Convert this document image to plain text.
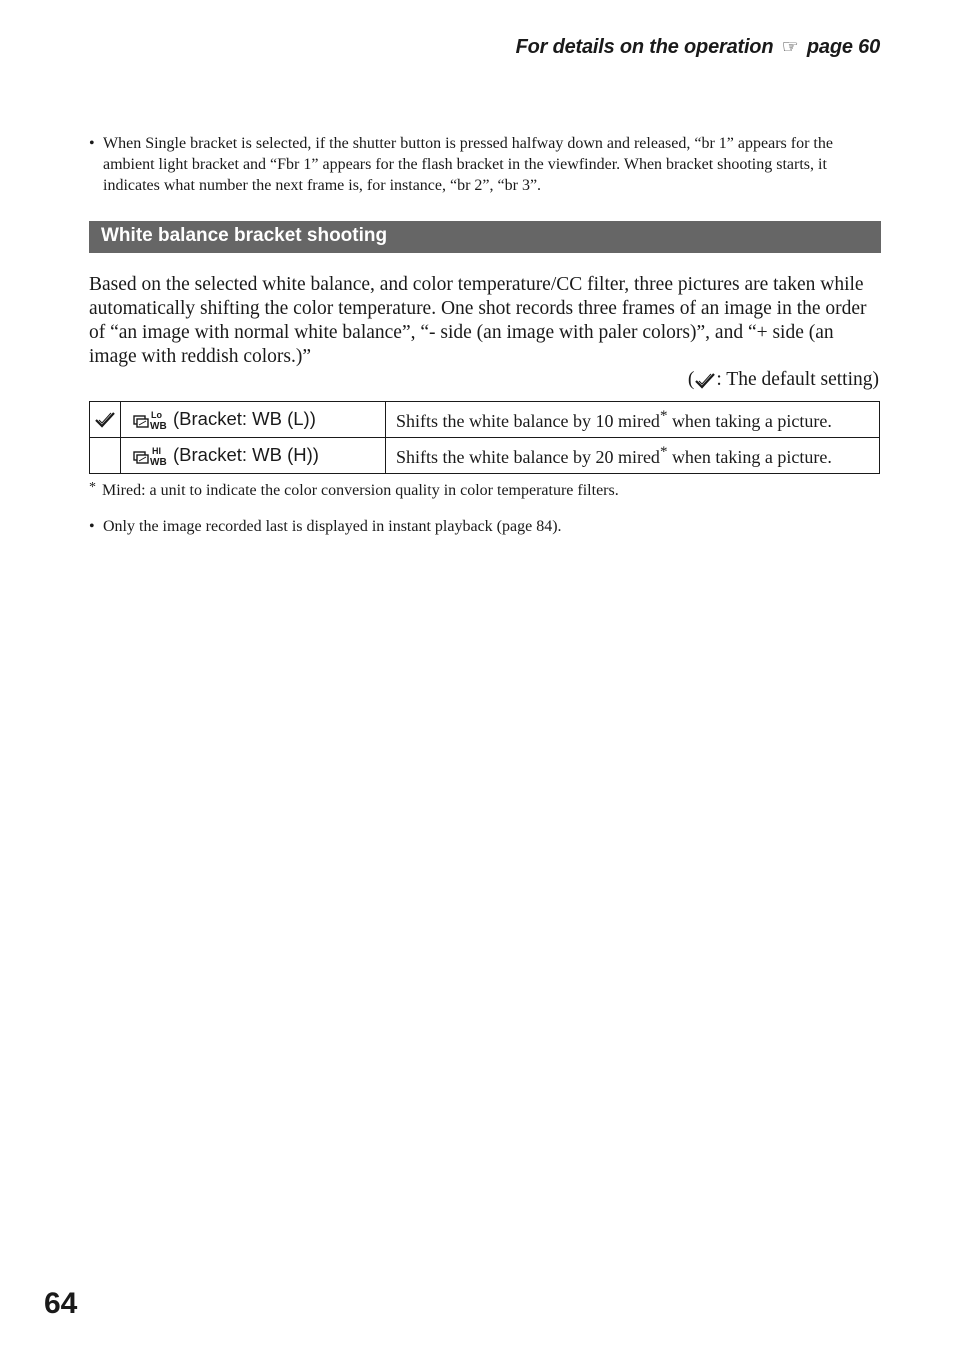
For details on the operation ☞ page 60
• When Single bracket is selected, if the shutter button is pressed halfway down and released, “br 1” appears for the ambient light bracket and “Fbr 1” appears for the flash bracket in the viewfinder. When bracket shooting starts, it indicates what number the next frame is, for instance, “br 2”, “br 3”.
White balance bracket shooting
Based on the selected white balance, and color temperature/CC filter, three pictures are taken while automatically shifting the color temperature. One shot records three frames of an image in the order of “an image with normal white balance”, “- side (an image with paler colors)”, and “+ side (an image with reddish colors.)”
( : The default setting)

Lo
WB (Bracket: WB (L))	Shifts the white balance by 10 mired* when taking a picture.

HI
WB (Bracket: WB (H))	Shifts the white balance by 20 mired* when taking a picture.
* Mired: a unit to indicate the color conversion quality in color temperature filters.
• Only the image recorded last is displayed in instant playback (page 84).
64
